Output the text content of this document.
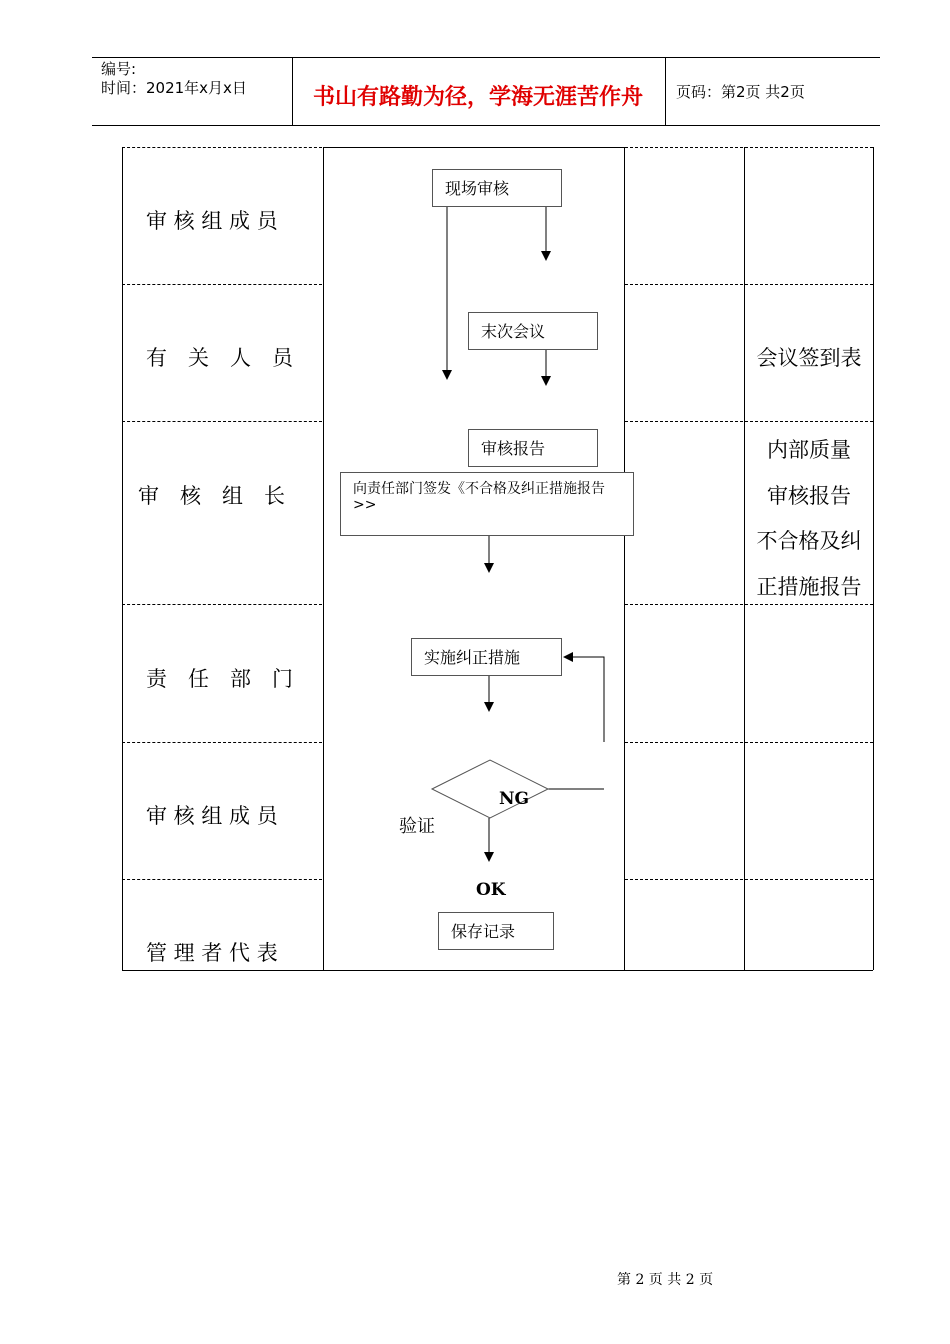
编号:
时间：2021年x月x日	书山有路勤为径，学海无涯苦作舟 页码：第2页 共2页
审 核 组 成 员
有　关　人　员
审　核　组　长
责　任　部　门
审 核 组 成 员
管 理 者 代 表
会议签到表
内部质量
审核报告
不合格及纠
正措施报告
现场审核
末次会议
审核报告
向责任部门签发《不合格及纠正措施报告>>
实施纠正措施
保存记录
验证
NG
OK
第 2 页 共 2 页
